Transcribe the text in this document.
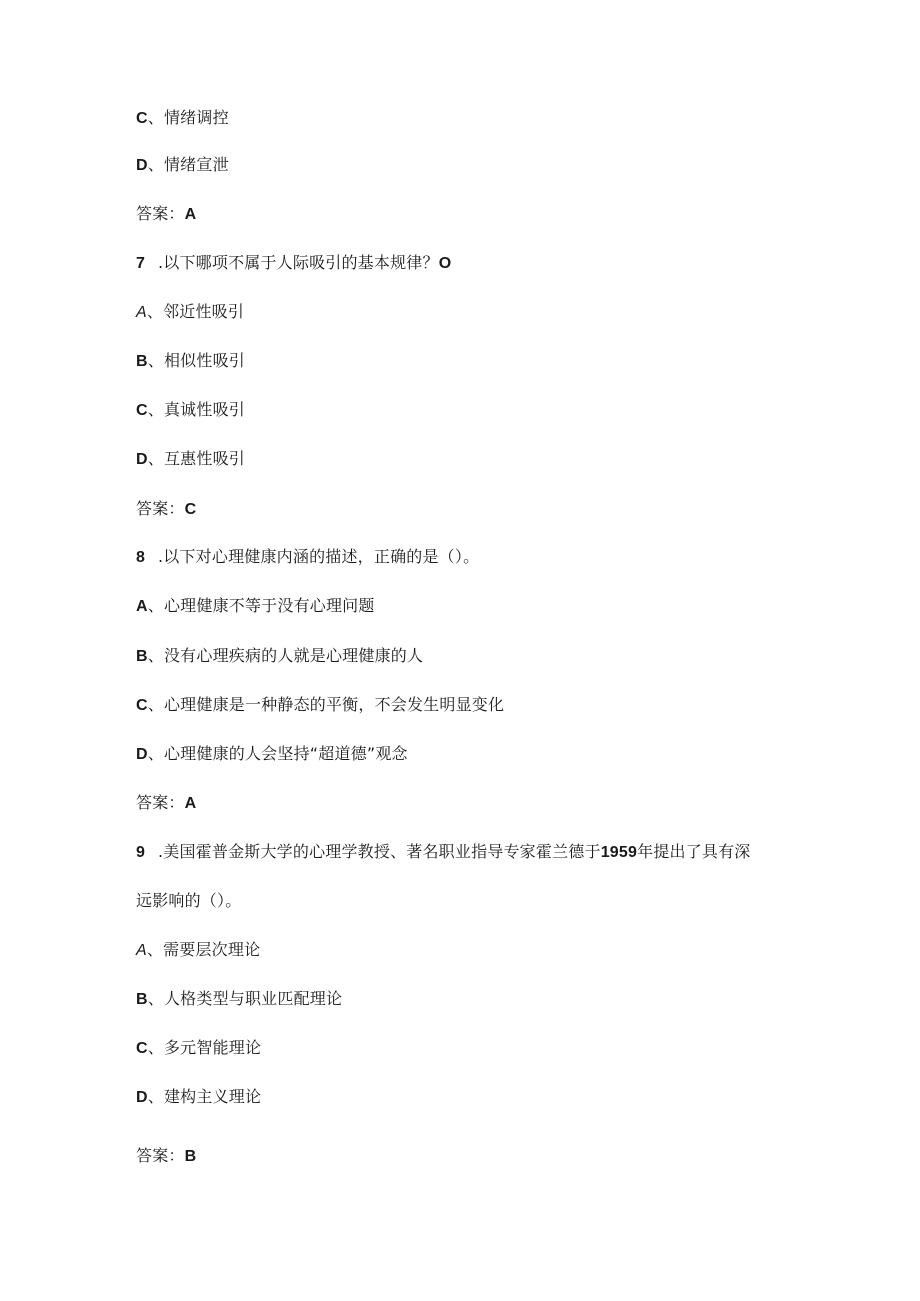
C、情绪调控
D、情绪宣泄
答案：A
7 .以下哪项不属于人际吸引的基本规律？O
A、邻近性吸引
B、相似性吸引
C、真诚性吸引
D、互惠性吸引
答案：C
8 .以下对心理健康内涵的描述，正确的是（）。
A、心理健康不等于没有心理问题
B、没有心理疾病的人就是心理健康的人
C、心理健康是一种静态的平衡，不会发生明显变化
D、心理健康的人会坚持“超道德”观念
答案：A
9 .美国霍普金斯大学的心理学教授、著名职业指导专家霍兰德于1959年提出了具有深
远影响的（）。
A、需要层次理论
B、人格类型与职业匹配理论
C、多元智能理论
D、建构主义理论
答案：B
